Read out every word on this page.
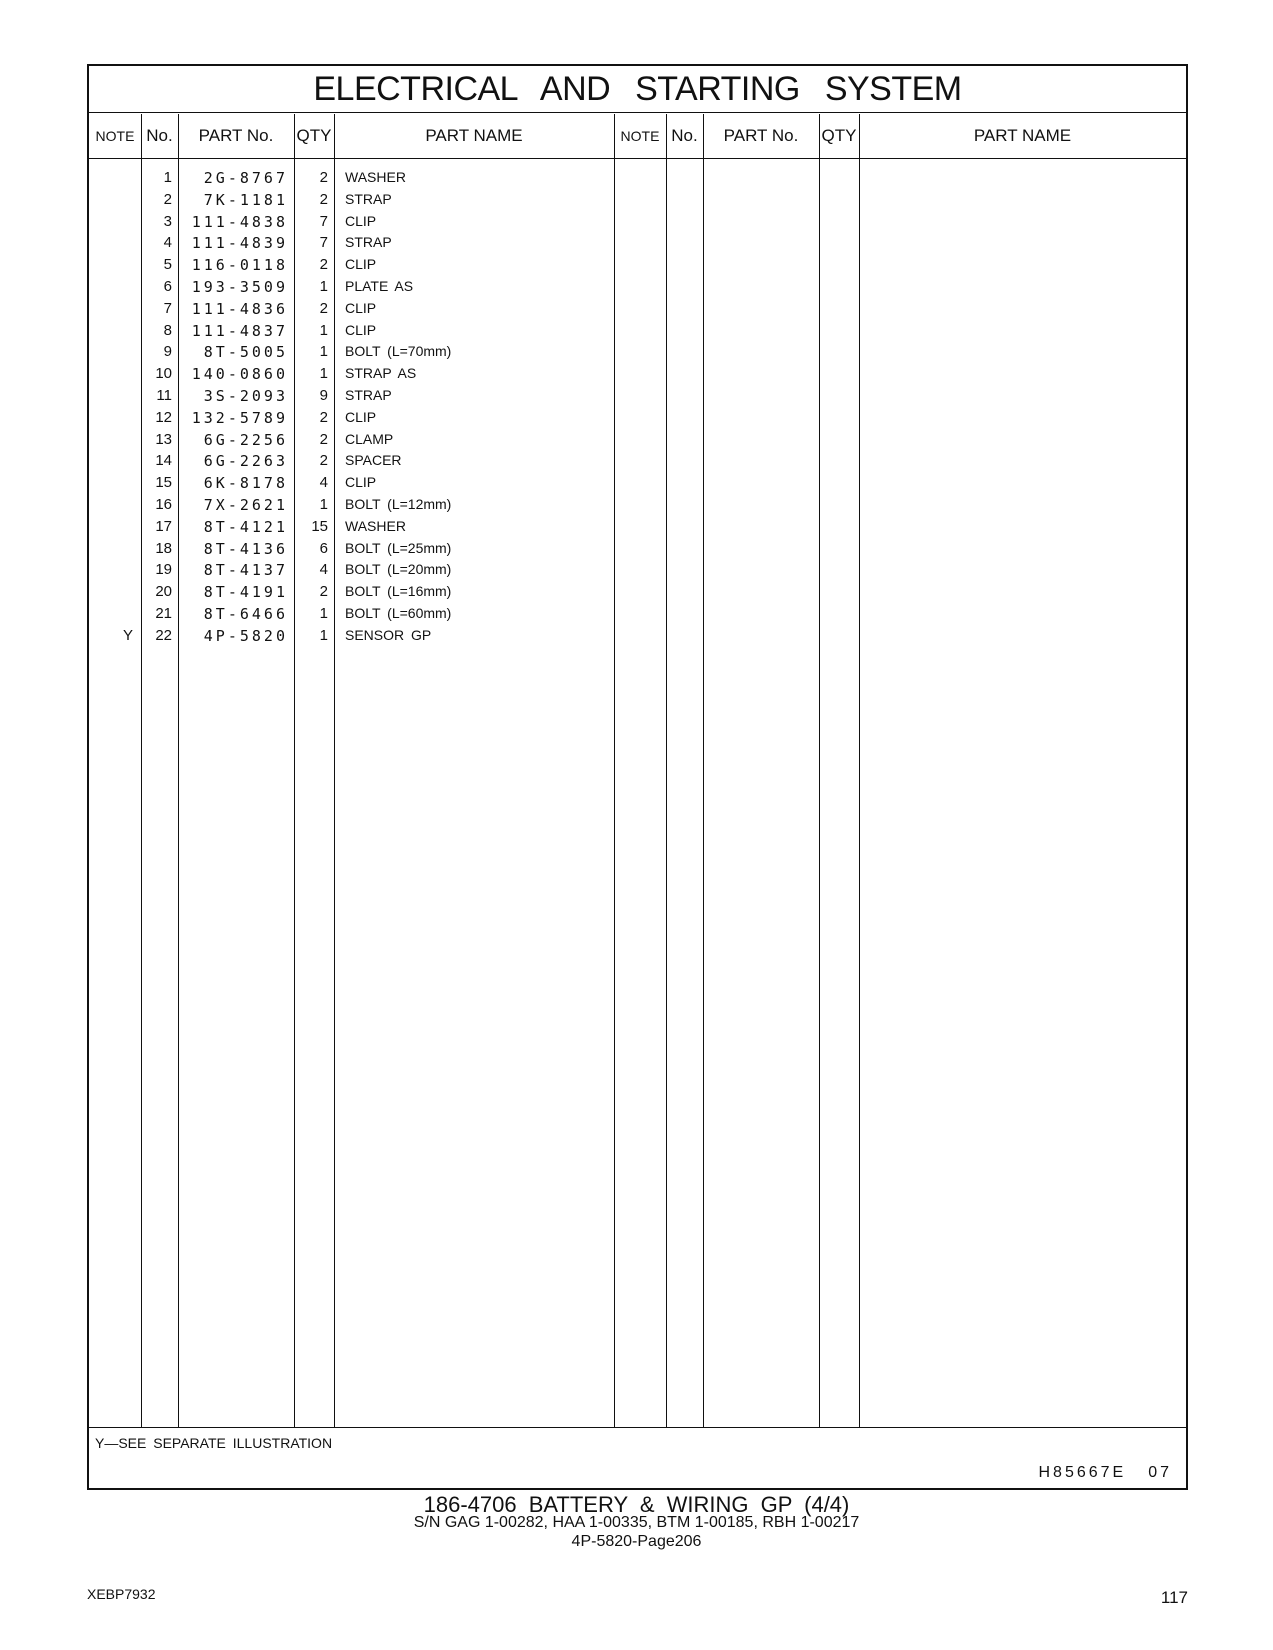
ELECTRICAL AND STARTING SYSTEM
NOTE No.	PART No.	QTY	PART NAME	NOTE No.	PART No.	QTY	PART NAME
1	2G-8767	2	WASHER
2	7K-1181	2	STRAP
3	111-4838	7	CLIP
4	111-4839	7	STRAP
5	116-0118	2	CLIP
6	193-3509	1	PLATE AS
7	111-4836	2	CLIP
8	111-4837	1	CLIP
9	8T-5005	1	BOLT (L=70mm)
10	140-0860	1	STRAP AS
11	3S-2093	9	STRAP
12	132-5789	2	CLIP
13	6G-2256	2	CLAMP
14	6G-2263	2	SPACER
15	6K-8178	4	CLIP
16	7X-2621	1	BOLT (L=12mm)
17	8T-4121	15	WASHER
18	8T-4136	6	BOLT (L=25mm)
19	8T-4137	4	BOLT (L=20mm)
20	8T-4191	2	BOLT (L=16mm)
21	8T-6466	1	BOLT (L=60mm)
Y	22	4P-5820	1	SENSOR GP
Y—SEE SEPARATE ILLUSTRATION
H85667E 07
186-4706 BATTERY & WIRING GP (4/4)
S/N GAG 1-00282, HAA 1-00335, BTM 1-00185, RBH 1-00217
4P-5820-Page206
XEBP7932	117
